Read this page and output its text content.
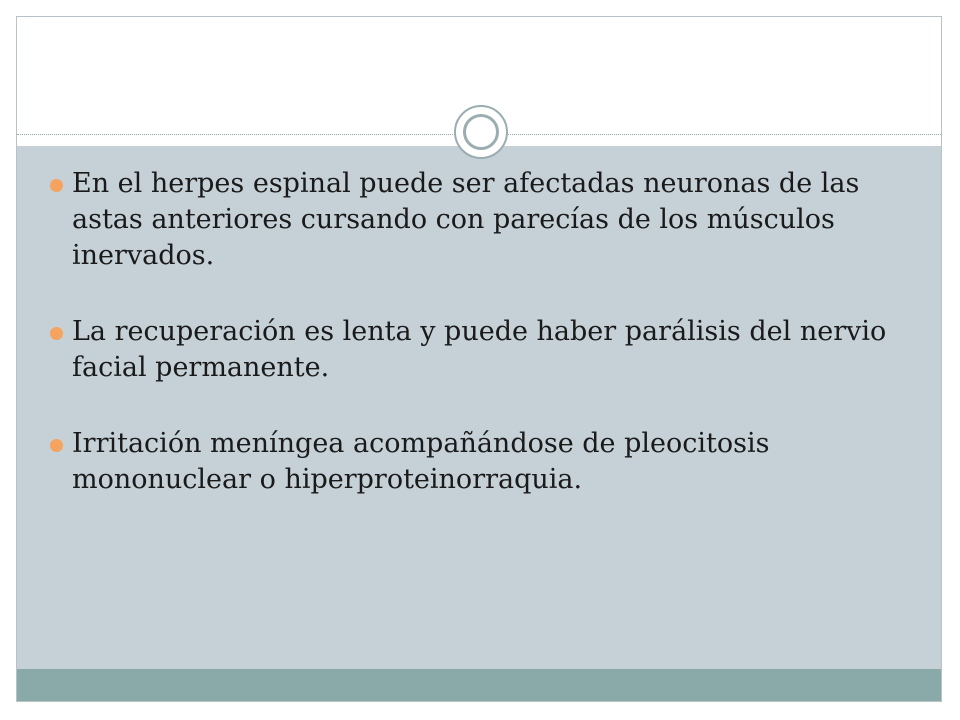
En el herpes espinal puede ser afectadas neuronas de las astas anteriores cursando con parecías de los músculos inervados.
La recuperación es lenta y puede haber parálisis del nervio facial permanente.
Irritación meníngea acompañándose de pleocitosis mononuclear o hiperproteinorraquia.
